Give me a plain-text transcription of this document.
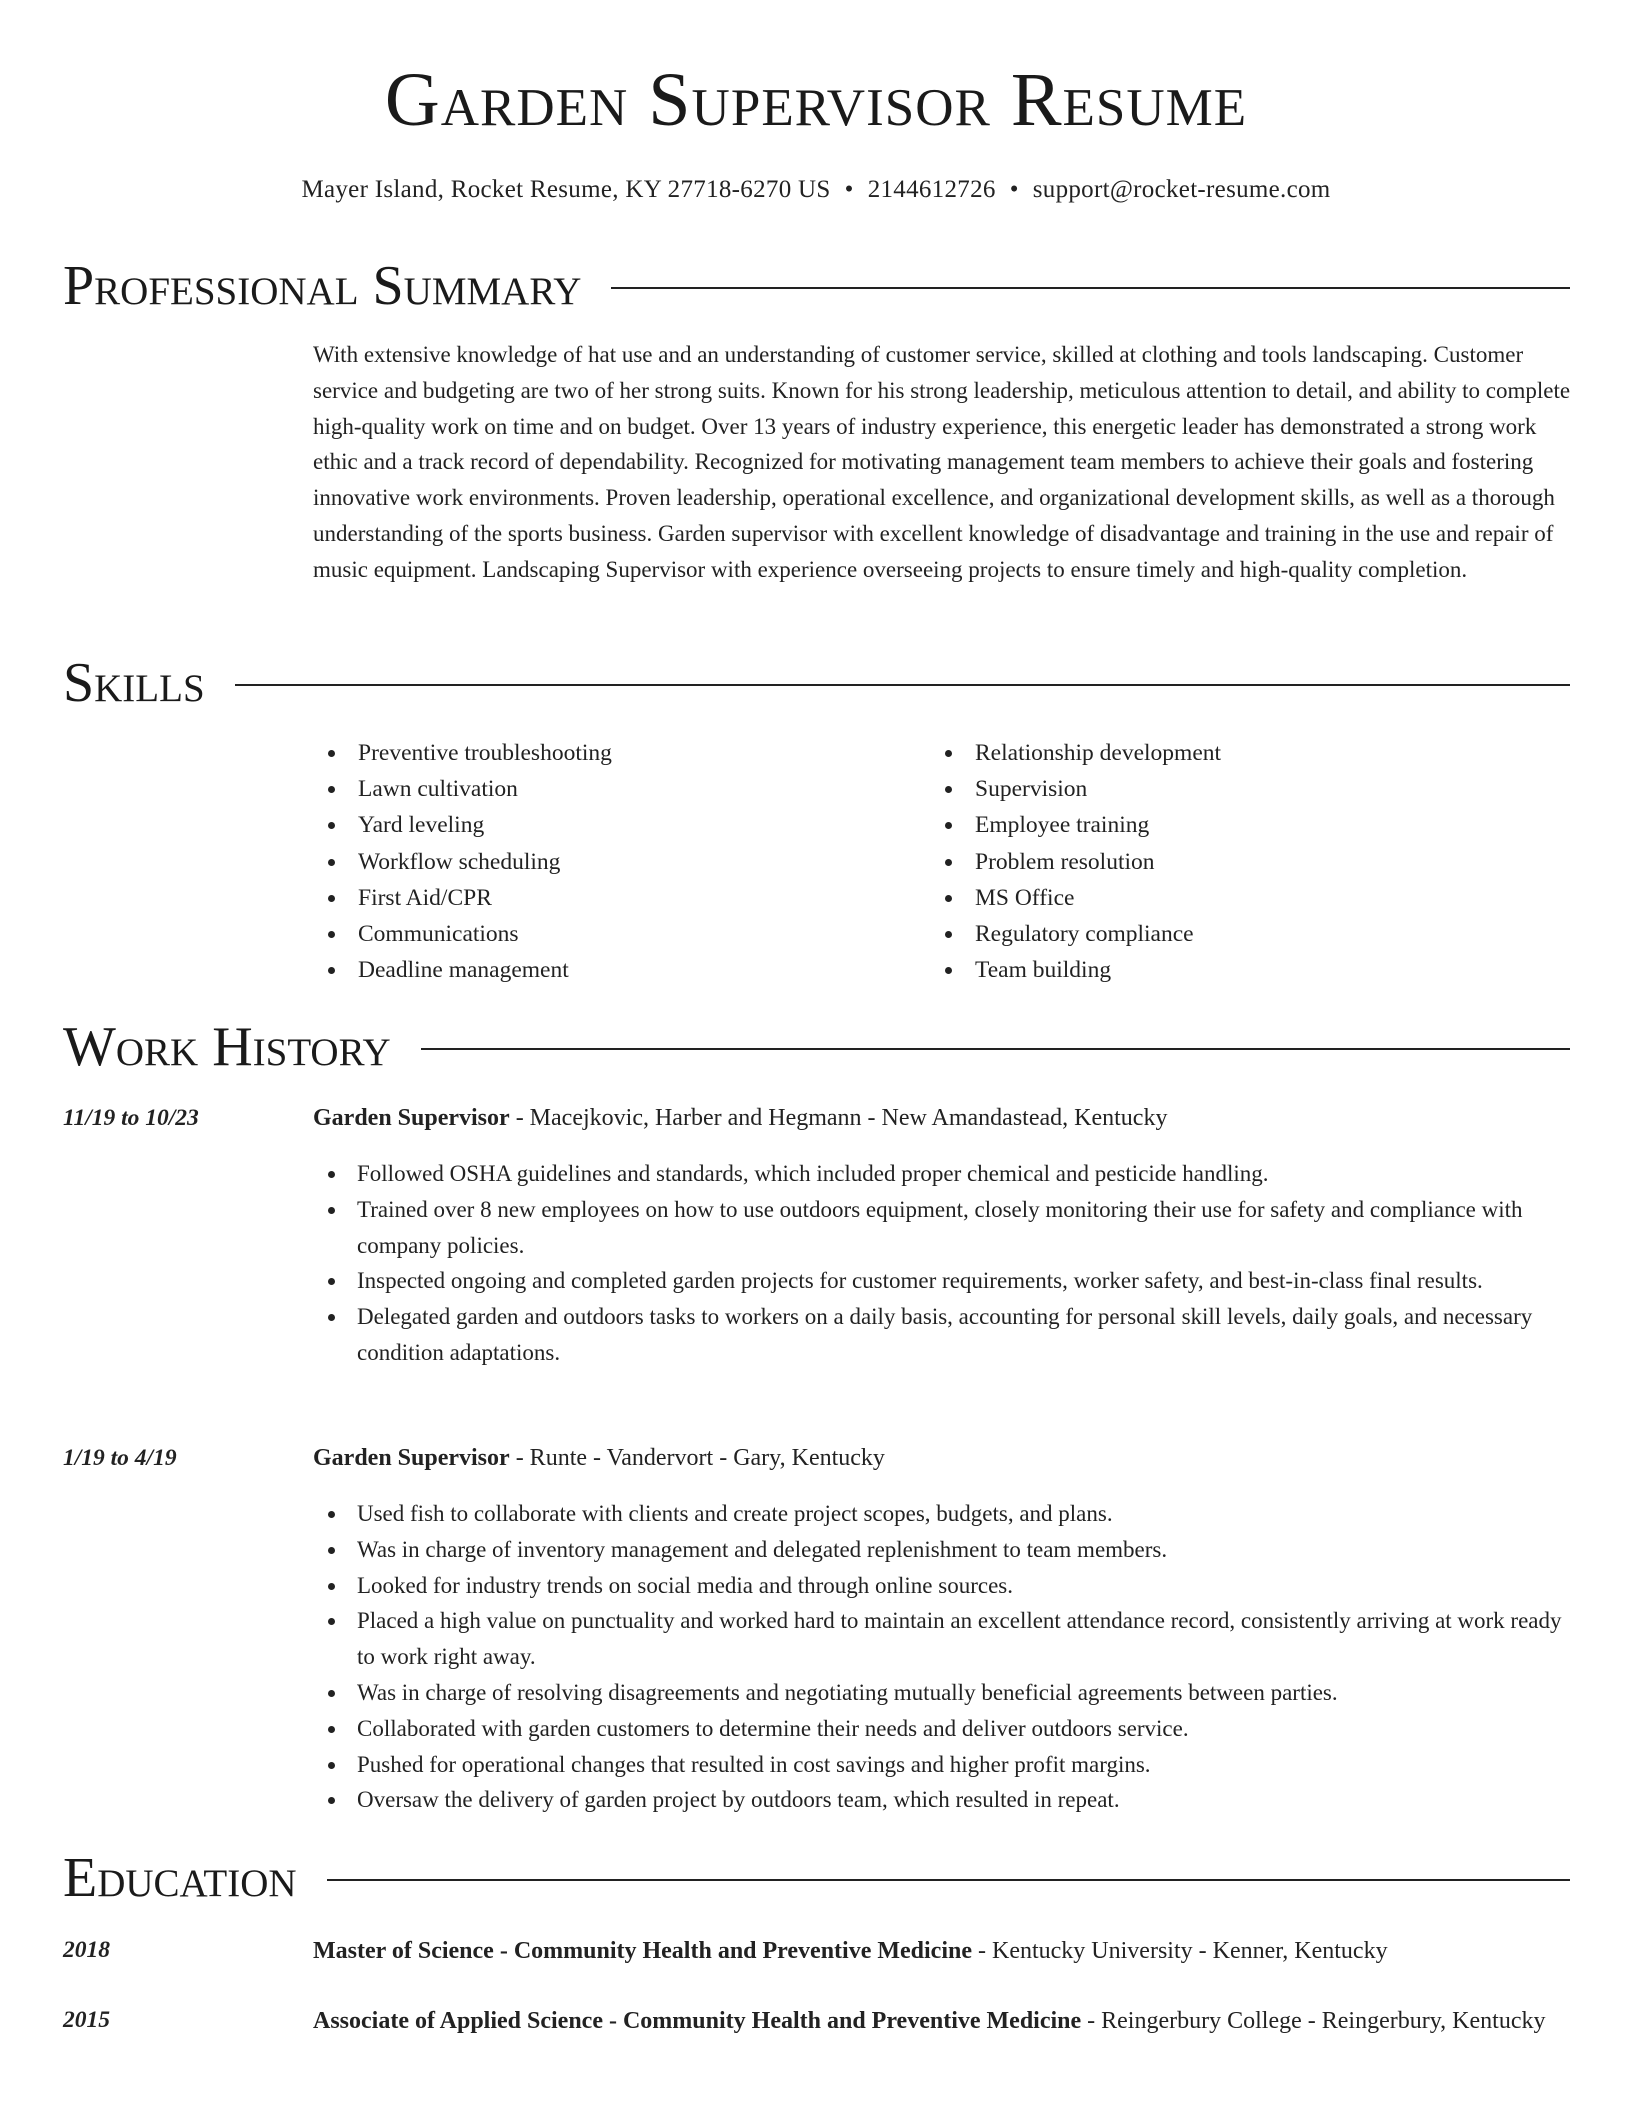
Garden Supervisor Resume
Mayer Island, Rocket Resume, KY 27718-6270 US • 2144612726 • support@rocket-resume.com
Professional Summary

With extensive knowledge of hat use and an understanding of customer service, skilled at clothing and tools landscaping. Customer service and budgeting are two of her strong suits. Known for his strong leadership, meticulous attention to detail, and ability to complete high-quality work on time and on budget. Over 13 years of industry experience, this energetic leader has demonstrated a strong work ethic and a track record of dependability. Recognized for motivating management team members to achieve their goals and fostering innovative work environments. Proven leadership, operational excellence, and organizational development skills, as well as a thorough understanding of the sports business. Garden supervisor with excellent knowledge of disadvantage and training in the use and repair of music equipment. Landscaping Supervisor with experience overseeing projects to ensure timely and high-quality completion.

Skills
Preventive troubleshooting
Lawn cultivation
Yard leveling
Workflow scheduling
First Aid/CPR
Communications
Deadline management
Relationship development
Supervision
Employee training
Problem resolution
MS Office
Regulatory compliance
Team building
Work History
11/19 to 10/23	Garden Supervisor - Macejkovic, Harber and Hegmann - New Amandastead, Kentucky
Followed OSHA guidelines and standards, which included proper chemical and pesticide handling.
Trained over 8 new employees on how to use outdoors equipment, closely monitoring their use for safety and compliance with company policies.
Inspected ongoing and completed garden projects for customer requirements, worker safety, and best-in-class final results.
Delegated garden and outdoors tasks to workers on a daily basis, accounting for personal skill levels, daily goals, and necessary condition adaptations.
1/19 to 4/19	Garden Supervisor - Runte - Vandervort - Gary, Kentucky
Used fish to collaborate with clients and create project scopes, budgets, and plans.
Was in charge of inventory management and delegated replenishment to team members.
Looked for industry trends on social media and through online sources.
Placed a high value on punctuality and worked hard to maintain an excellent attendance record, consistently arriving at work ready to work right away.
Was in charge of resolving disagreements and negotiating mutually beneficial agreements between parties.
Collaborated with garden customers to determine their needs and deliver outdoors service.
Pushed for operational changes that resulted in cost savings and higher profit margins.
Oversaw the delivery of garden project by outdoors team, which resulted in repeat.
Education
2018	Master of Science - Community Health and Preventive Medicine - Kentucky University - Kenner, Kentucky
2015	Associate of Applied Science - Community Health and Preventive Medicine - Reingerbury College - Reingerbury, Kentucky
